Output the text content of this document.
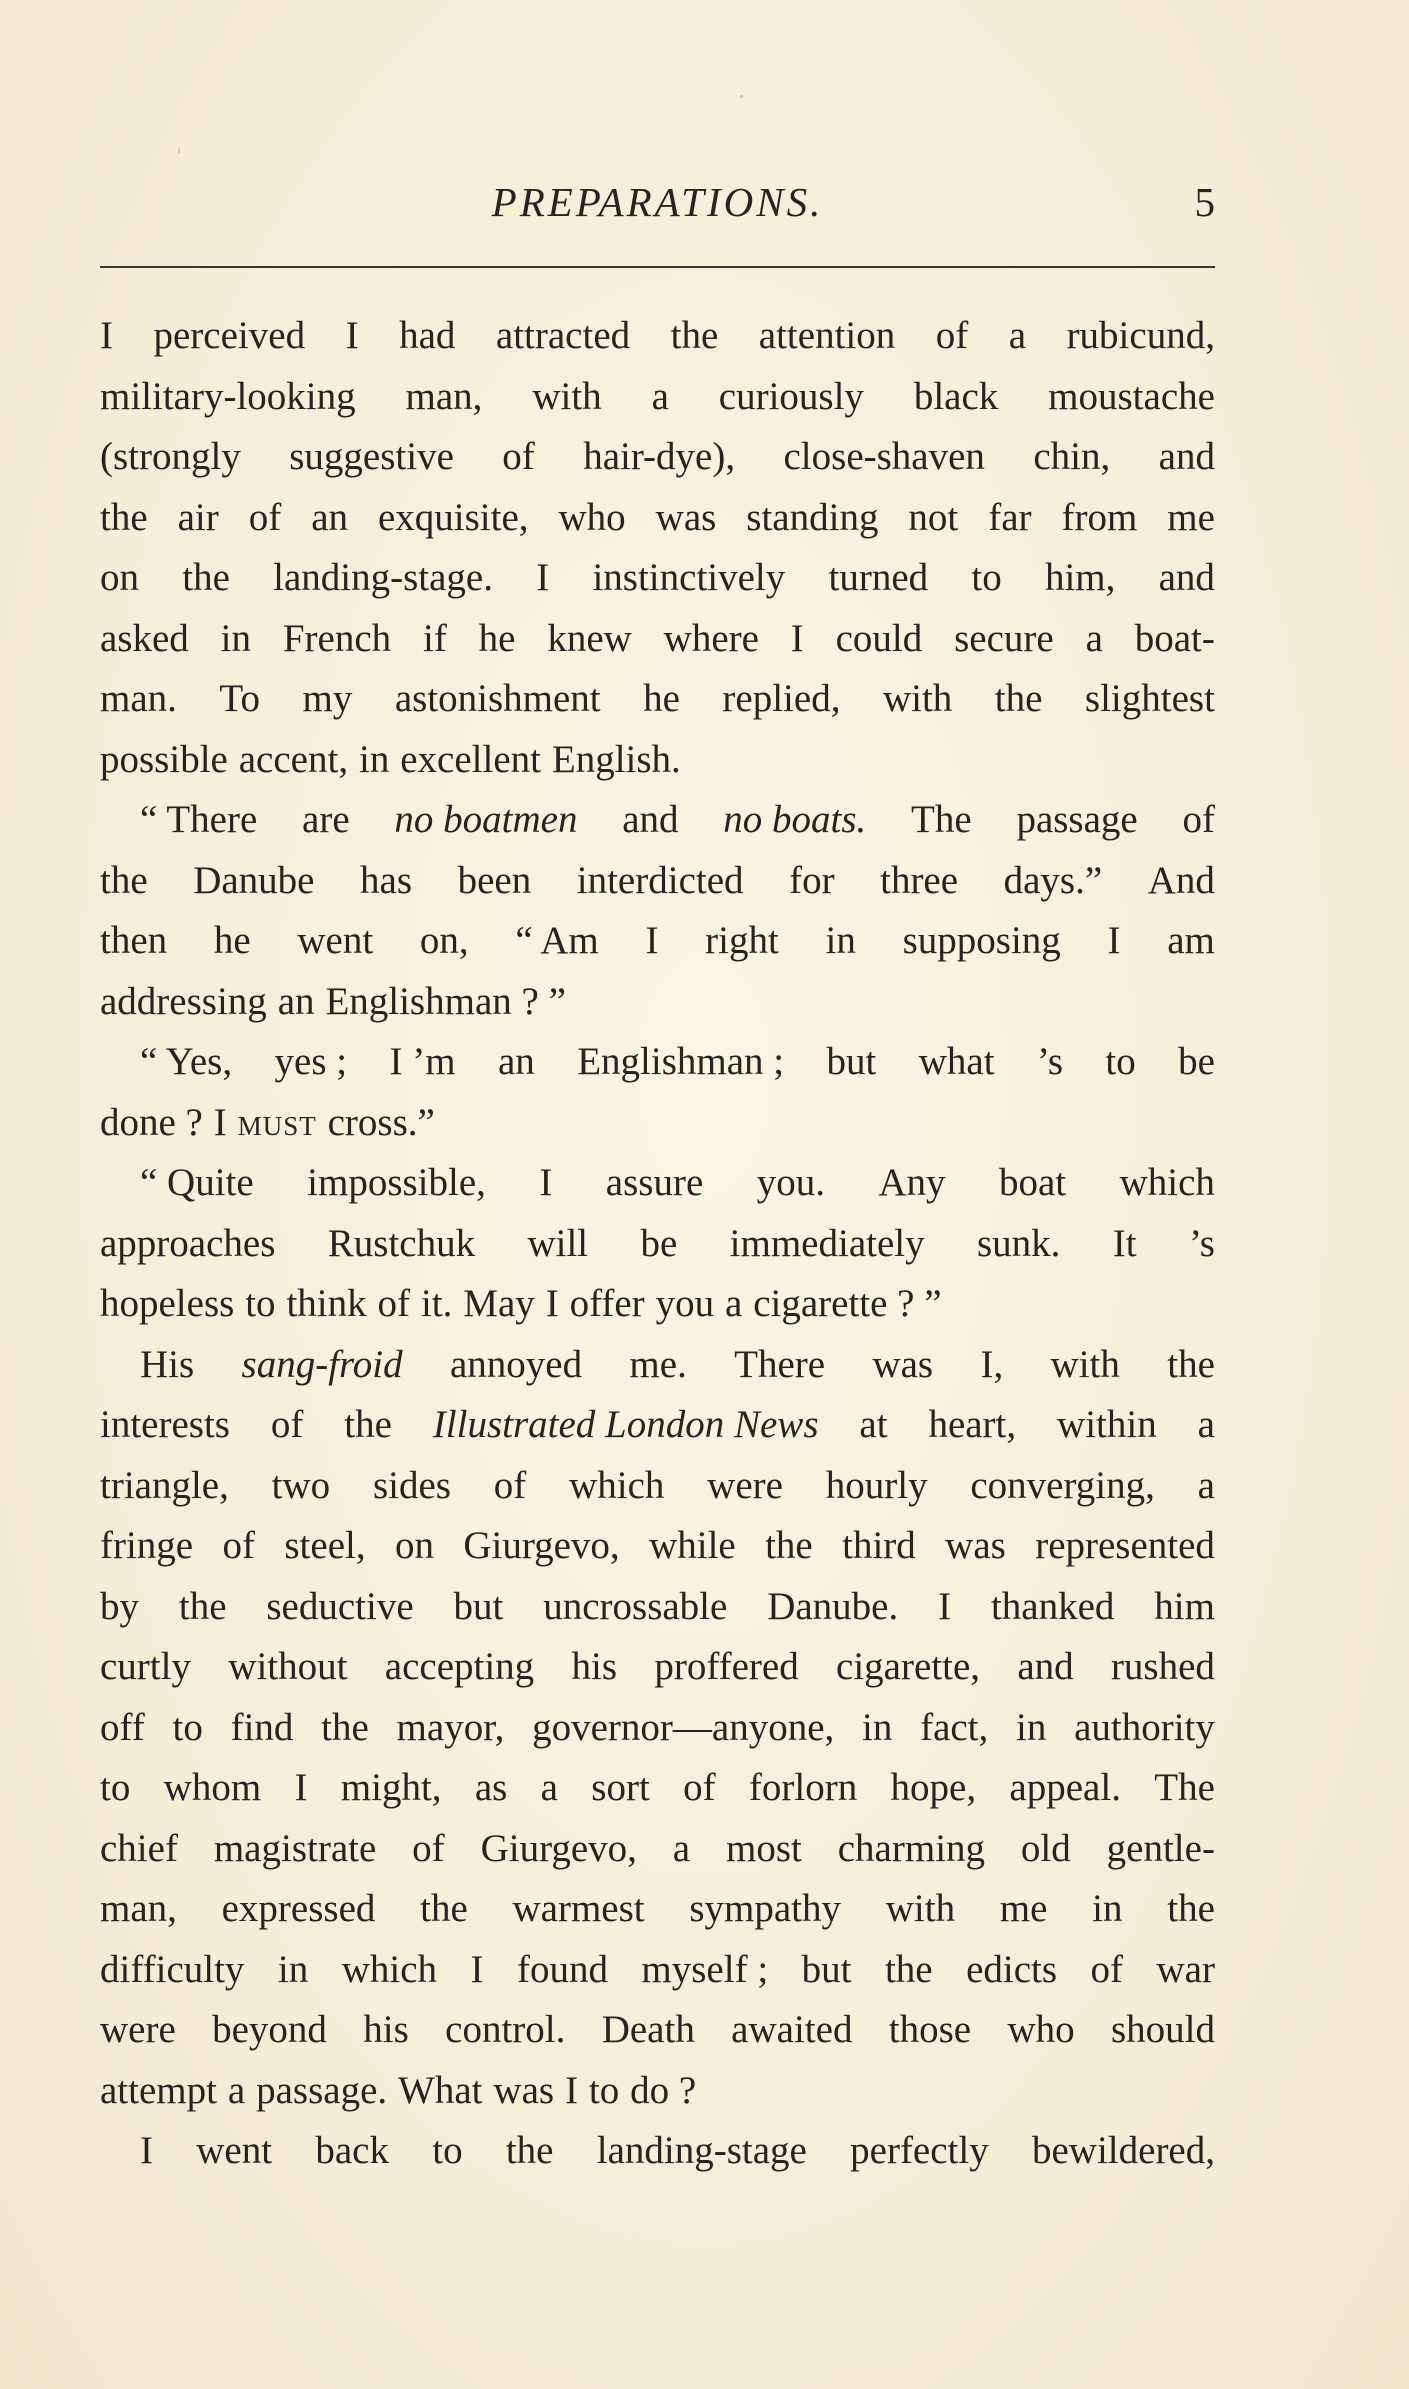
PREPARATIONS.	5
I perceived I had attracted the attention of a rubicund,
military-looking man, with a curiously black moustache
(strongly suggestive of hair-dye), close-shaven chin, and
the air of an exquisite, who was standing not far from me
on the landing-stage. I instinctively turned to him, and
asked in French if he knew where I could secure a boat-
man. To my astonishment he replied, with the slightest
possible accent, in excellent English.
“ There are no boatmen and no boats. The passage of
the Danube has been interdicted for three days.” And
then he went on, “ Am I right in supposing I am
addressing an Englishman ? ”
“ Yes, yes ; I ’m an Englishman ; but what ’s to be
done ? I must cross.”
“ Quite impossible, I assure you. Any boat which
approaches Rustchuk will be immediately sunk. It ’s
hopeless to think of it. May I offer you a cigarette ? ”
His sang-froid annoyed me. There was I, with the
interests of the Illustrated London News at heart, within a
triangle, two sides of which were hourly converging, a
fringe of steel, on Giurgevo, while the third was represented
by the seductive but uncrossable Danube. I thanked him
curtly without accepting his proffered cigarette, and rushed
off to find the mayor, governor—anyone, in fact, in authority
to whom I might, as a sort of forlorn hope, appeal. The
chief magistrate of Giurgevo, a most charming old gentle-
man, expressed the warmest sympathy with me in the
difficulty in which I found myself ; but the edicts of war
were beyond his control. Death awaited those who should
attempt a passage. What was I to do ?
I went back to the landing-stage perfectly bewildered,
